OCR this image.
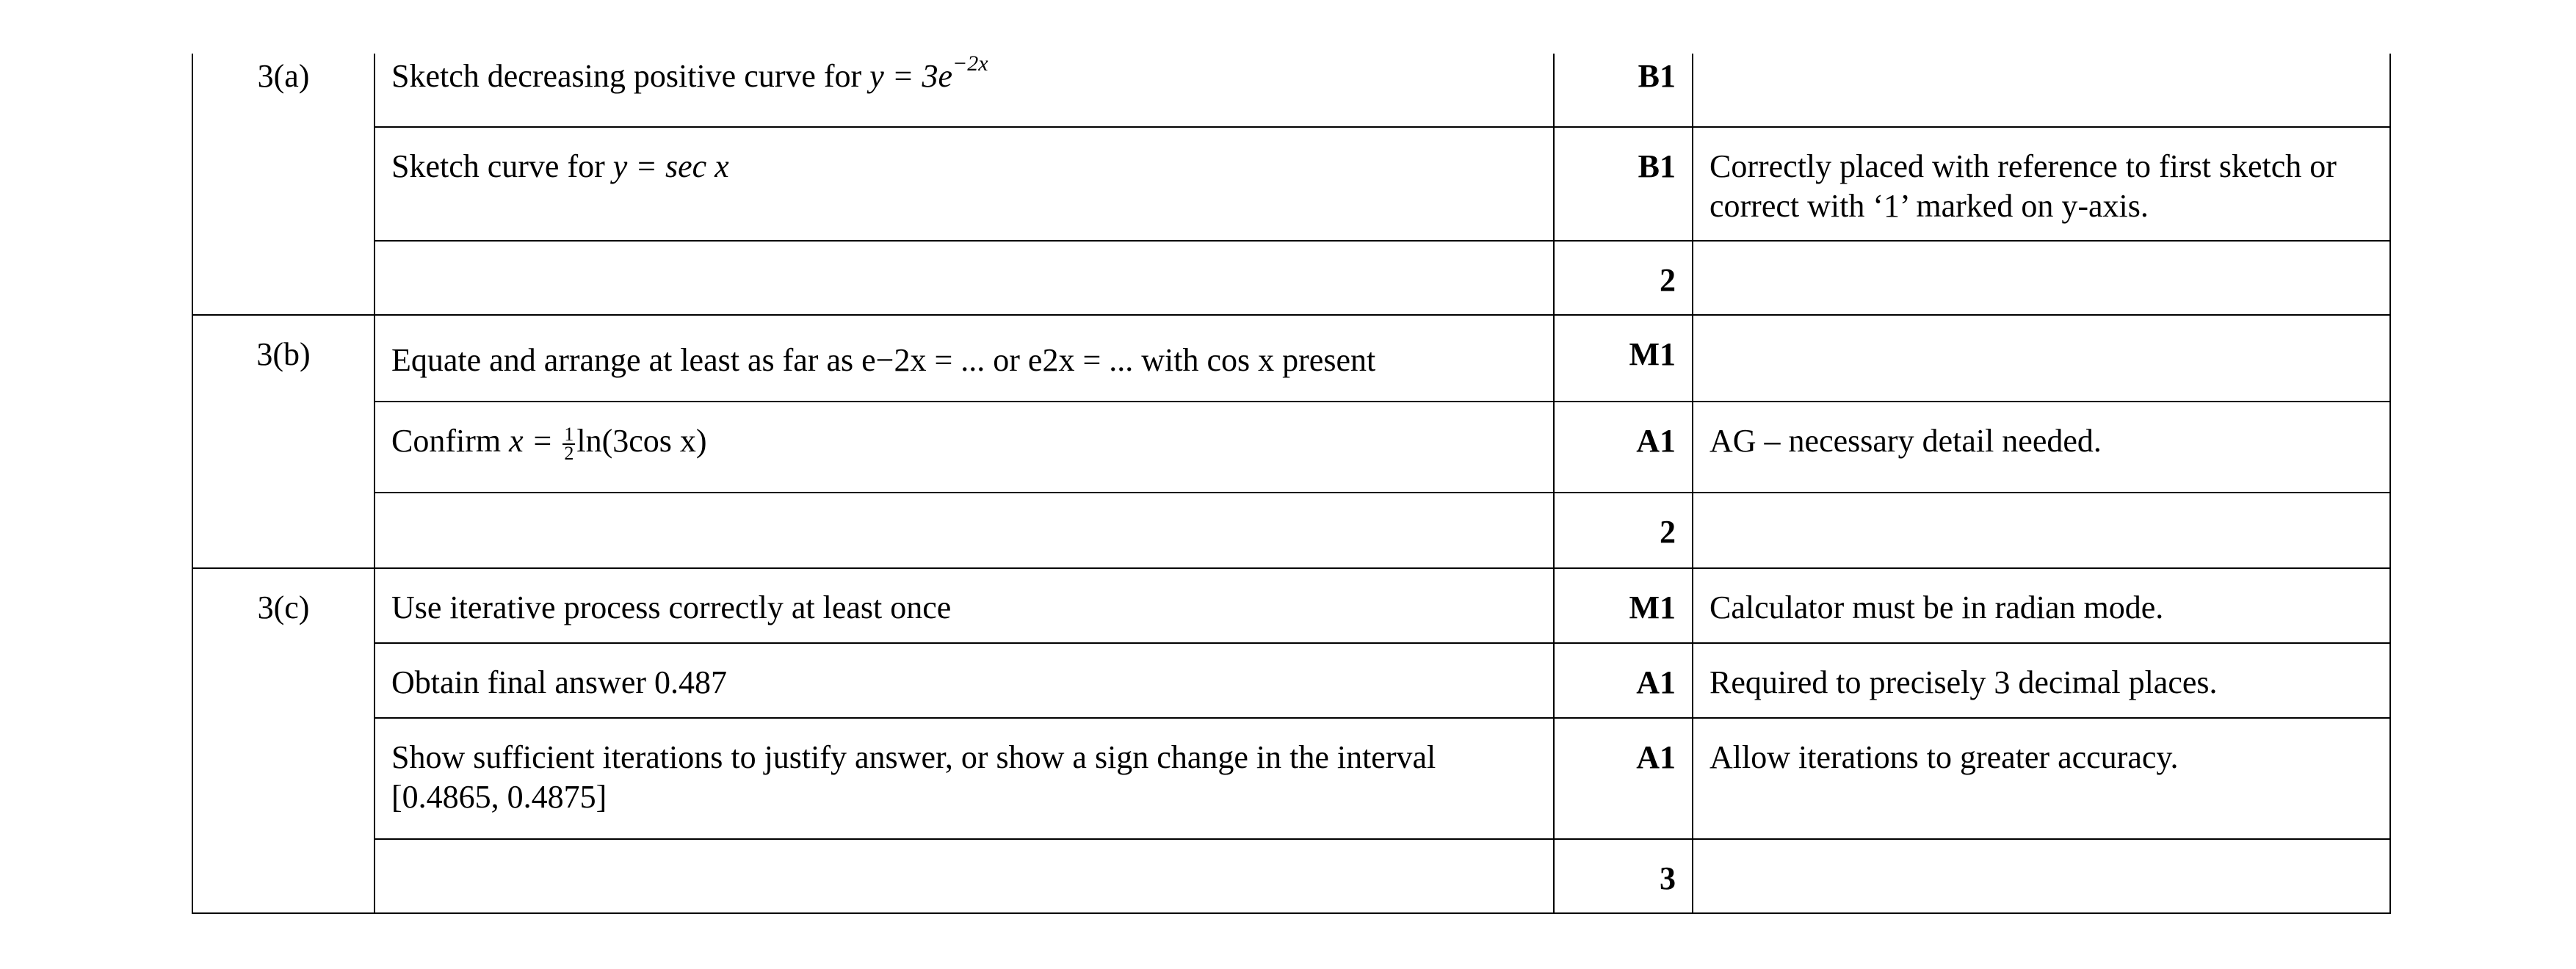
3(a)	Sketch decreasing positive curve for $y = 3e^{-2x}$	B1	
	Sketch curve for y = sec x	B1	Correctly placed with reference to first sketch or correct with ‘1’ marked on y-axis.
		2	
3(b)	Equate and arrange at least as far as e−2x = ... or e2x = ... with cos x present	M1	
	Confirm $x = \frac{1}{2} \ln(3\cos$ x)	A1	AG – necessary detail needed.
		2	
3(c)	Use iterative process correctly at least once	M1	Calculator must be in radian mode.
	Obtain final answer 0.487	A1	Required to precisely 3 decimal places.
	Show sufficient iterations to justify answer, or show a sign change in the interval [0.4865, 0.4875]	A1	Allow iterations to greater accuracy.
		3	
